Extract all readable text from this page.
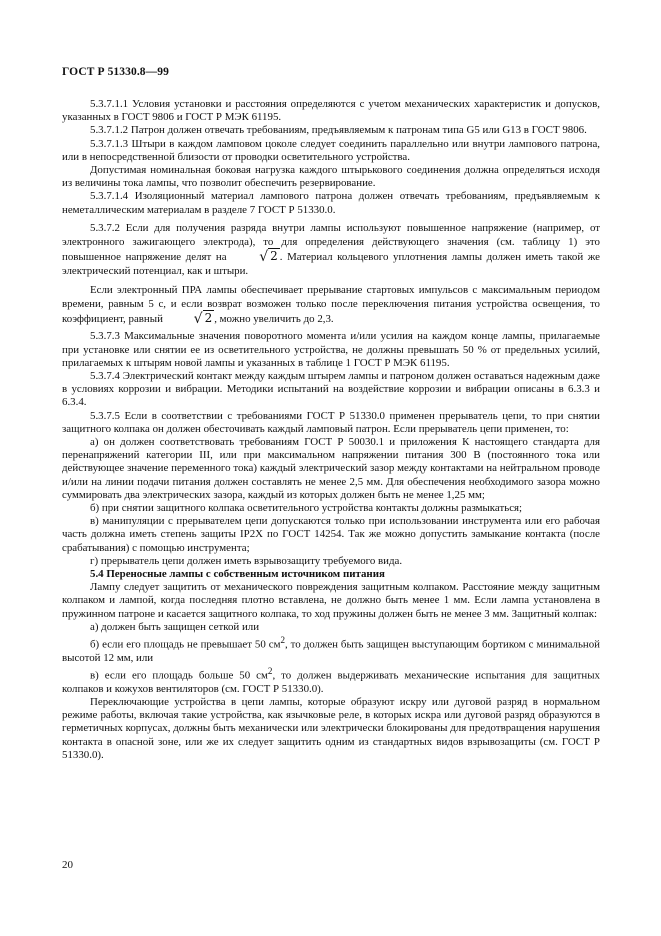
ГОСТ Р 51330.8—99

5.3.7.1.1 Условия установки и расстояния определяются с учетом механических характеристик и допусков, указанных в ГОСТ 9806 и ГОСТ Р МЭК 61195.

5.3.7.1.2 Патрон должен отвечать требованиям, предъявляемым к патронам типа G5 или G13 в ГОСТ 9806.

5.3.7.1.3 Штыри в каждом ламповом цоколе следует соединить параллельно или внутри лампового патрона, или в непосредственной близости от проводки осветительного устройства.

Допустимая номинальная боковая нагрузка каждого штырькового соединения должна определяться исходя из величины тока лампы, что позволит обеспечить резервирование.

5.3.7.1.4 Изоляционный материал лампового патрона должен отвечать требованиям, предъявляемым к неметаллическим материалам в разделе 7 ГОСТ Р 51330.0.

5.3.7.2 Если для получения разряда внутри лампы используют повышенное напряжение (например, от электронного зажигающего электрода), то для определения действующего значения (см. таблицу 1) это повышенное напряжение делят на √ 2 . Материал кольцевого уплотнения лампы должен иметь такой же электрический потенциал, как и штыри.

Если электронный ПРА лампы обеспечивает прерывание стартовых импульсов с максимальным периодом времени, равным 5 с, и если возврат возможен только после переключения питания устройства освещения, то коэффициент, равный √ 2 , можно увеличить до 2,3.

5.3.7.3 Максимальные значения поворотного момента и/или усилия на каждом конце лампы, прилагаемые при установке или снятии ее из осветительного устройства, не должны превышать 50 % от предельных усилий, прилагаемых к штырям новой лампы и указанных в таблице 1 ГОСТ Р МЭК 61195.

5.3.7.4 Электрический контакт между каждым штырем лампы и патроном должен оставаться надежным даже в условиях коррозии и вибрации. Методики испытаний на воздействие коррозии и вибрации описаны в 6.3.3 и 6.3.4.

5.3.7.5 Если в соответствии с требованиями ГОСТ Р 51330.0 применен прерыватель цепи, то при снятии защитного колпака он должен обесточивать каждый ламповый патрон. Если прерыватель цепи применен, то:

а) он должен соответствовать требованиям ГОСТ Р 50030.1 и приложения К настоящего стандарта для перенапряжений категории III, или при максимальном напряжении питания 300 В (постоянного тока или действующее значение переменного тока) каждый электрический зазор между контактами на нейтральном проводе и/или на линии подачи питания должен составлять не менее 2,5 мм. Для обеспечения необходимого зазора можно суммировать два электрических зазора, каждый из которых должен быть не менее 1,25 мм;

б) при снятии защитного колпака осветительного устройства контакты должны размыкаться;

в) манипуляции с прерывателем цепи допускаются только при использовании инструмента или его рабочая часть должна иметь степень защиты IP2X по ГОСТ 14254. Так же можно допустить замыкание контакта (после срабатывания) с помощью инструмента;

г) прерыватель цепи должен иметь взрывозащиту требуемого вида.

5.4 Переносные лампы с собственным источником питания

Лампу следует защитить от механического повреждения защитным колпаком. Расстояние между защитным колпаком и лампой, когда последняя плотно вставлена, не должно быть менее 1 мм. Если лампа установлена в пружинном патроне и касается защитного колпака, то ход пружины должен быть не менее 3 мм. Защитный колпак:

а) должен быть защищен сеткой или

б) если его площадь не превышает 50 $см^2$, то должен быть защищен выступающим бортиком с минимальной высотой 12 мм, или

в) если его площадь больше 50 $см^2$, то должен выдерживать механические испытания для защитных колпаков и кожухов вентиляторов (см. ГОСТ Р 51330.0).

Переключающие устройства в цепи лампы, которые образуют искру или дуговой разряд в нормальном режиме работы, включая такие устройства, как язычковые реле, в которых искра или дуговой разряд образуются в герметичных корпусах, должны быть механически или электрически блокированы для предотвращения нарушения контакта в опасной зоне, или же их следует защитить одним из стандартных видов взрывозащиты (см. ГОСТ Р 51330.0).

20
